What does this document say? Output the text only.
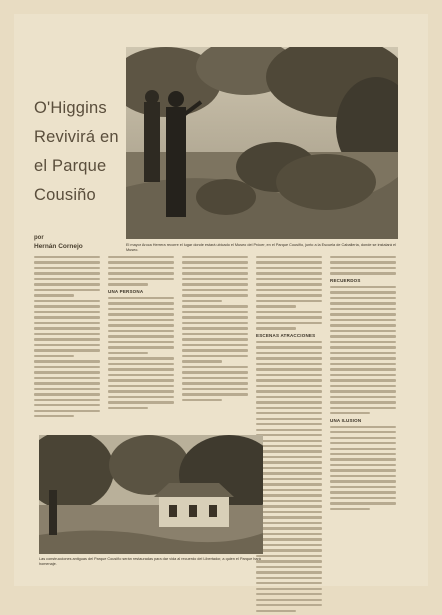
O'Higgins
Revivirá en
el Parque
Cousiño
por
Hernán Cornejo	El mayor Aroca Herrera recorre el lugar donde estará ubicado el Museo del Prócer, en el Parque Cousiño, junto a la Escuela de Caballería, donde se instalará el Museo.
UNA PERSONA
ESCENAS ATRACCIONES
RECUERDOS
UNA ILUSION
Las construcciones antiguas del Parque Cousiño serán restauradas para dar vida al recuerdo del Libertador, a quien el Parque hará homenaje.
